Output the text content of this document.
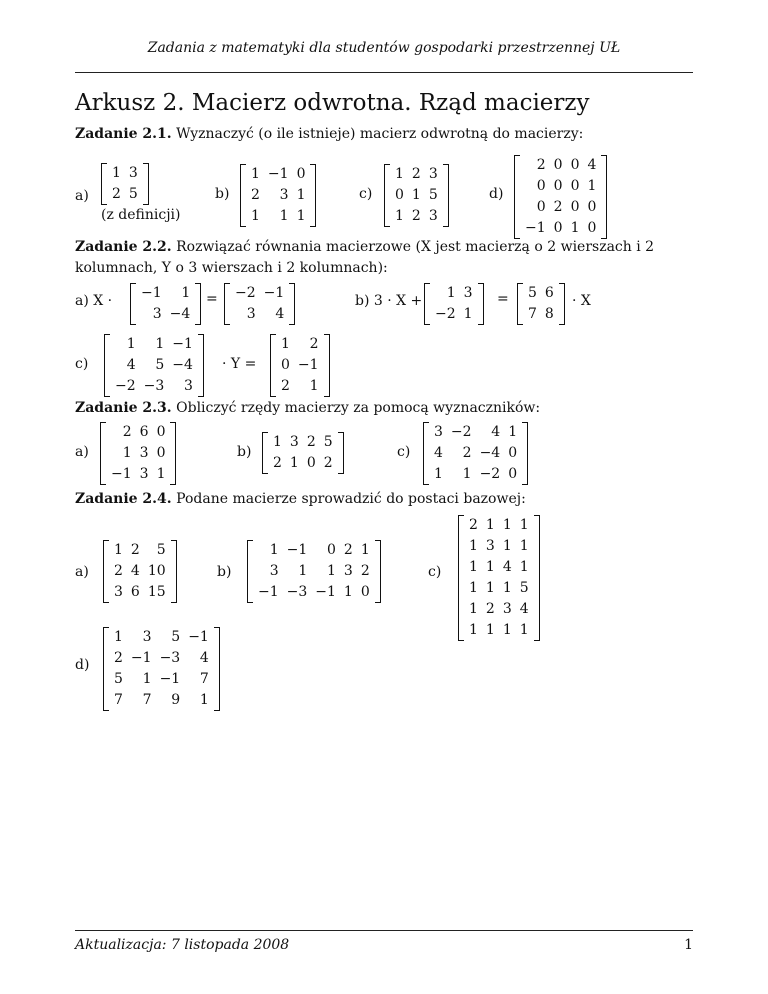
Zadania z matematyki dla studentów gospodarki przestrzennej UŁ
Arkusz 2. Macierz odwrotna. Rząd macierzy
Zadanie 2.1. Wyznaczyć (o ile istnieje) macierz odwrotną do macierzy:
a)
1 3
2 5
(z definicji)
b)
1 −1 0
2	3 1
1	1 1
c)
1 2 3
0 1 5
1 2 3
d)
2 0 0 4
0 0 0 1
0 2 0 0
−1 0 1 0
Zadanie 2.2. Rozwiązać równania macierzowe (X jest macierzą o 2 wierszach i 2 kolumnach, Y o 3 wierszach i 2 kolumnach):
a) X · −1	1
3 −4
= −2 −1
3	4
b) 3 · X +	1 3
−2 1
= 5 6
7 8
· X
c)
1	1 −1
4	5 −4
−2 −3	3
· Y =
1	2
0 −1
2	1
Zadanie 2.3. Obliczyć rzędy macierzy za pomocą wyznaczników:
a)
2 6 0
1 3 0
−1 3 1
b)
1 3 2 5
2 1 0 2
c)
3 −2	4 1
4	2 −4 0
1	1 −2 0
Zadanie 2.4. Podane macierze sprowadzić do postaci bazowej:
a)
1 2	5
2 4 10
3 6 15
b)
1 −1	0 2 1
3	1	1 3 2
−1 −3 −1 1 0
c)
2 1 1 1
1 3 1 1
1 1 4 1
1 1 1 5
1 2 3 4
1 1 1 1
d)
1	3	5 −1
2 −1 −3	4
5	1 −1	7
7	7	9	1
Aktualizacja: 7 listopada 2008	1
